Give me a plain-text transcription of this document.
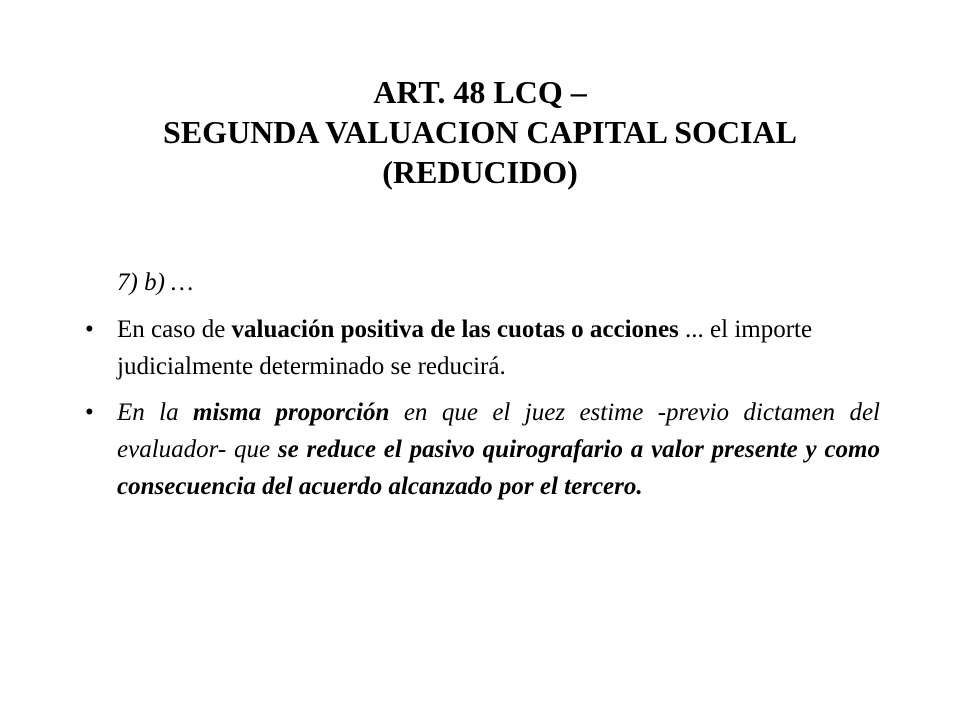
ART. 48 LCQ –
SEGUNDA VALUACION CAPITAL SOCIAL
(REDUCIDO)
7) b) …
• En caso de valuación positiva de las cuotas o acciones ... el importe judicialmente determinado se reducirá.
• En la misma proporción en que el juez estime -previo dictamen del evaluador- que se reduce el pasivo quirografario a valor presente y como consecuencia del acuerdo alcanzado por el tercero.
